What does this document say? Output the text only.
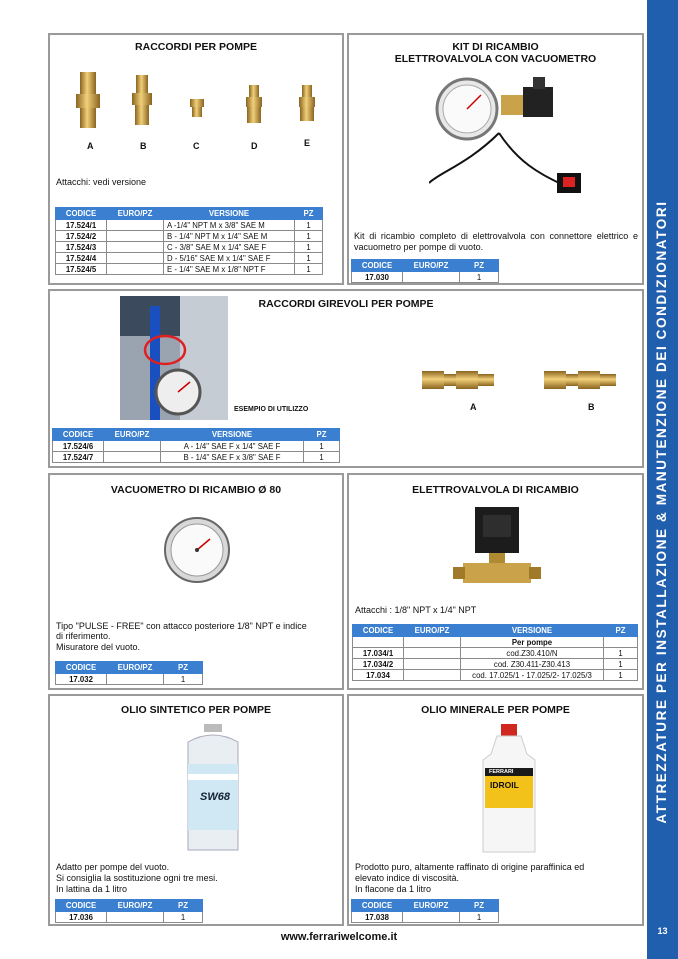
ATTREZZATURE PER INSTALLAZIONE & MANUTENZIONE DEI CONDIZIONATORI
13
RACCORDI PER POMPE
A	B	C	D	E
Attacchi: vedi versione
CODICE	EURO/PZ	VERSIONE	PZ
17.524/1		A -1/4" NPT M x 3/8" SAE M	1
17.524/2		B - 1/4" NPT M x 1/4" SAE M	1
17.524/3		C - 3/8" SAE M x 1/4" SAE F	1
17.524/4		D - 5/16" SAE M x 1/4" SAE F	1
17.524/5		E - 1/4" SAE M x 1/8" NPT F	1
KIT DI RICAMBIO
ELETTROVALVOLA CON VACUOMETRO
Kit di ricambio completo di elettrovalvola con connettore elettrico e vacuometro per pompe di vuoto.
CODICE	EURO/PZ	PZ
17.030		1
RACCORDI GIREVOLI PER POMPE
ESEMPIO DI UTILIZZO	A	B
CODICE	EURO/PZ	VERSIONE	PZ
17.524/6		A - 1/4" SAE F x 1/4" SAE F	1
17.524/7		B - 1/4" SAE F x 3/8" SAE F	1
VACUOMETRO DI RICAMBIO Ø 80
Tipo "PULSE - FREE" con attacco posteriore 1/8" NPT e indice
di riferimento.
Misuratore del vuoto.
CODICE	EURO/PZ	PZ
17.032		1
ELETTROVALVOLA DI RICAMBIO
Attacchi : 1/8" NPT x 1/4" NPT
CODICE	EURO/PZ	VERSIONE	PZ
		Per pompe	
17.034/1		cod.Z30.410/N	1
17.034/2		cod. Z30.411-Z30.413	1
17.034		cod. 17.025/1 - 17.025/2- 17.025/3	1
OLIO SINTETICO PER POMPE
SW68
Adatto per pompe del vuoto.
Si consiglia la sostituzione ogni tre mesi.
In lattina da 1 litro
CODICE	EURO/PZ	PZ
17.036		1
OLIO MINERALE PER POMPE
FERRARI
IDROIL
Prodotto puro, altamente raffinato di origine paraffinica ed
elevato indice di viscosità.
In flacone da 1 litro
CODICE	EURO/PZ	PZ
17.038		1
www.ferrariwelcome.it
